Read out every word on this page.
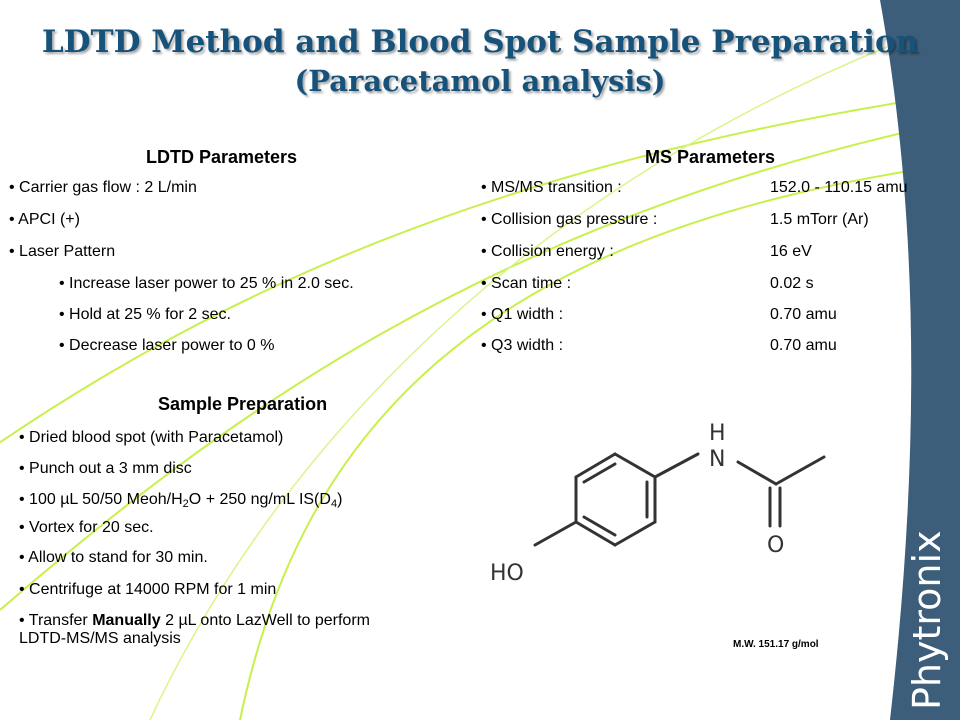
Phytronix
LDTD Method and Blood Spot Sample Preparation
(Paracetamol analysis)
LDTD Parameters
• Carrier gas flow : 2 L/min
• APCI (+)
• Laser Pattern
• Increase laser power to 25 % in 2.0 sec.
• Hold at 25 % for 2 sec.
• Decrease laser power to 0 %
MS Parameters
• MS/MS transition :	152.0 - 110.15 amu
• Collision gas pressure :	1.5 mTorr (Ar)
• Collision energy :	16 eV
• Scan time :	0.02 s
• Q1 width :	0.70 amu
• Q3 width :	0.70 amu
Sample Preparation
• Dried blood spot (with Paracetamol)
• Punch out a 3 mm disc
• 100 µL 50/50 Meoh/$H_2O + 250$ ng/mL $IS(D_4)$
• Vortex for 20 sec.
• Allow to stand for 30 min.
• Centrifuge at 14000 RPM for 1 min
• Transfer Manually 2 µL onto LazWell to perform
LDTD-MS/MS analysis
H
N
O
HO
M.W. 151.17 g/mol
